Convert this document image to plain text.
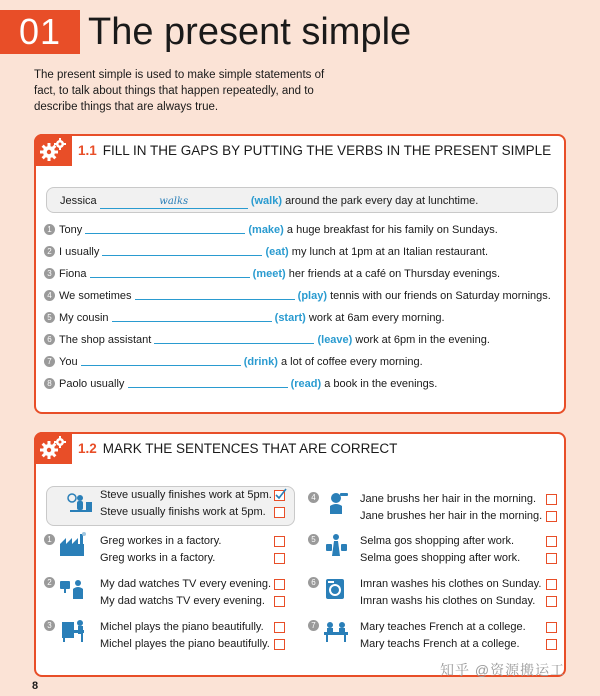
01 The present simple
The present simple is used to make simple statements of fact, to talk about things that happen repeatedly, and to describe things that are always true.
1.1 FILL IN THE GAPS BY PUTTING THE VERBS IN THE PRESENT SIMPLE
Jessica	walks	(walk) around the park every day at lunchtime.
1 Tony	(make) a huge breakfast for his family on Sundays.
2 I usually	(eat) my lunch at 1pm at an Italian restaurant.
3 Fiona	(meet) her friends at a café on Thursday evenings.
4 We sometimes	(play) tennis with our friends on Saturday mornings.
5 My cousin	(start) work at 6am every morning.
6 The shop assistant	(leave) work at 6pm in the evening.
7 You	(drink) a lot of coffee every morning.
8 Paolo usually	(read) a book in the evenings.
1.2 MARK THE SENTENCES THAT ARE CORRECT
Steve usually finishes work at 5pm.
Steve usually finishs work at 5pm.
1	Greg workes in a factory.
Greg works in a factory.
2	My dad watches TV every evening.
My dad watchs TV every evening.
3	Michel plays the piano beautifully.
Michel playes the piano beautifully.
4	Jane brushs her hair in the morning.
Jane brushes her hair in the morning.
5	Selma gos shopping after work.
Selma goes shopping after work.
6	Imran washes his clothes on Sunday.
Imran washs his clothes on Sunday.
7	Mary teaches French at a college.
Mary teachs French at a college.
8
知乎 @资源搬运工
